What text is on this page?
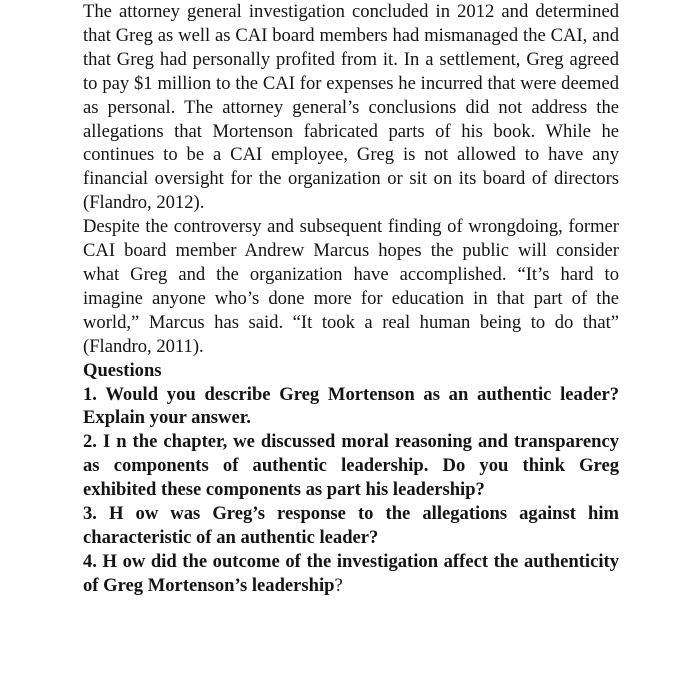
The attorney general investigation concluded in 2012 and determined that Greg as well as CAI board members had mismanaged the CAI, and that Greg had personally profited from it. In a settlement, Greg agreed to pay $1 million to the CAI for expenses he incurred that were deemed as personal. The attorney general’s conclusions did not address the allegations that Mortenson fabricated parts of his book. While he continues to be a CAI employee, Greg is not allowed to have any financial oversight for the organization or sit on its board of directors (Flandro, 2012).

Despite the controversy and subsequent finding of wrongdoing, former CAI board member Andrew Marcus hopes the public will consider what Greg and the organization have accomplished. “It’s hard to imagine anyone who’s done more for education in that part of the world,” Marcus has said. “It took a real human being to do that” (Flandro, 2011).

Questions

1. Would you describe Greg Mortenson as an authentic leader? Explain your answer.

2. I n the chapter, we discussed moral reasoning and transparency as components of authentic leadership. Do you think Greg exhibited these components as part his leadership?

3. H ow was Greg’s response to the allegations against him characteristic of an authentic leader?

4. H ow did the outcome of the investigation affect the authenticity of Greg Mortenson’s leadership?
